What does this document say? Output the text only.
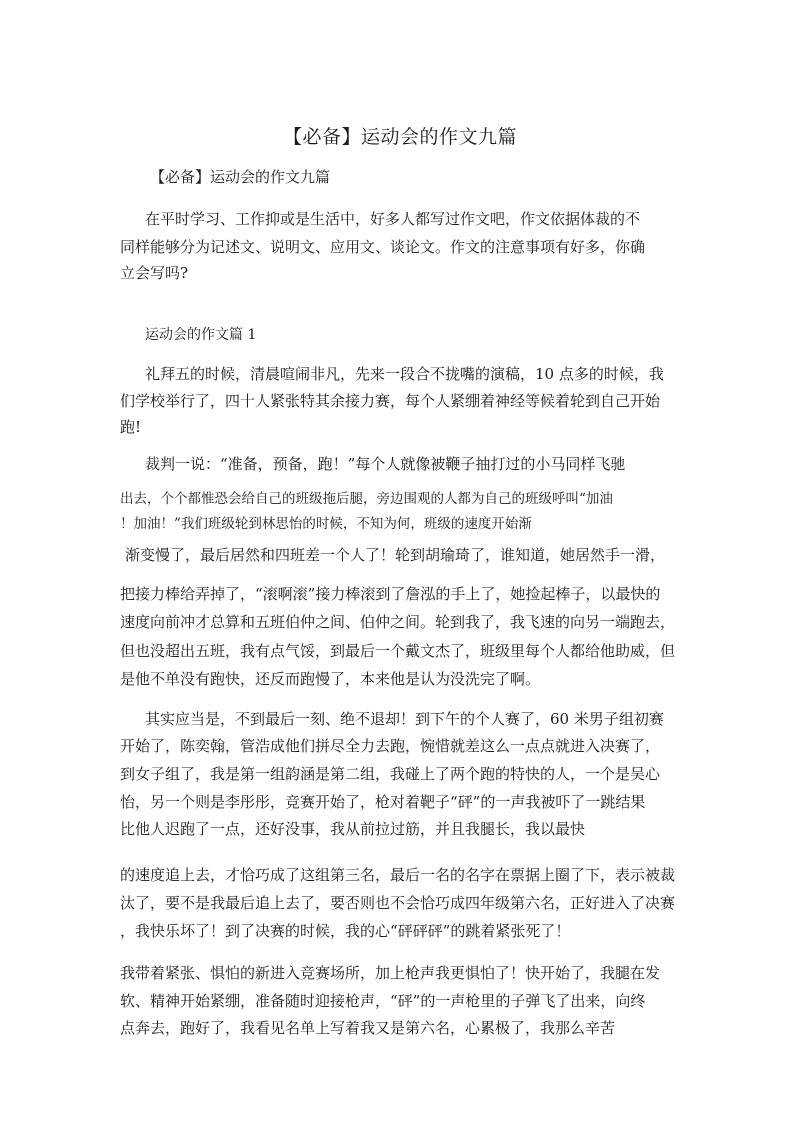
【必备】运动会的作文九篇
【必备】运动会的作文九篇
在平时学习、工作抑或是生活中，好多人都写过作文吧，作文依据体裁的不
同样能够分为记述文、说明文、应用文、谈论文。作文的注意事项有好多，你确
立会写吗?
运动会的作文篇 1
礼拜五的时候，清晨喧闹非凡，先来一段合不拢嘴的演稿，10 点多的时候，我
们学校举行了，四十人紧张特其余接力赛，每个人紧绷着神经等候着轮到自己开始
跑!
裁判一说：“准备，预备，跑！”每个人就像被鞭子抽打过的小马同样飞驰
出去，个个都惟恐会给自己的班级拖后腿，旁边围观的人都为自己的班级呼叫“加油
！加油！”我们班级轮到林思怡的时候，不知为何，班级的速度开始渐
渐变慢了，最后居然和四班差一个人了！轮到胡瑜琦了，谁知道，她居然手一滑，
把接力棒给弄掉了，“滚啊滚”接力棒滚到了詹泓的手上了，她捡起棒子，以最快的
速度向前冲才总算和五班伯仲之间、伯仲之间。轮到我了，我飞速的向另一端跑去，
但也没超出五班，我有点气馁，到最后一个戴文杰了，班级里每个人都给他助威，但
是他不单没有跑快，还反而跑慢了，本来他是认为没洗完了啊。
其实应当是，不到最后一刻、绝不退却！到下午的个人赛了，60 米男子组初赛
开始了，陈奕翰，管浩成他们拼尽全力去跑，惋惜就差这么一点点就进入决赛了，
到女子组了，我是第一组韵涵是第二组，我碰上了两个跑的特快的人，一个是吴心
怡，另一个则是李彤彤，竞赛开始了，枪对着靶子“砰”的一声我被吓了一跳结果
比他人迟跑了一点，还好没事，我从前拉过筋，并且我腿长，我以最快
的速度追上去，才恰巧成了这组第三名，最后一名的名字在票据上圈了下，表示被裁
汰了，要不是我最后追上去了，要否则也不会恰巧成四年级第六名，正好进入了决赛
，我快乐坏了！到了决赛的时候，我的心“砰砰砰”的跳着紧张死了！
我带着紧张、惧怕的新进入竞赛场所，加上枪声我更惧怕了！快开始了，我腿在发
软、精神开始紧绷，准备随时迎接枪声，“砰”的一声枪里的子弹飞了出来，向终
点奔去，跑好了，我看见名单上写着我又是第六名，心累极了，我那么辛苦
